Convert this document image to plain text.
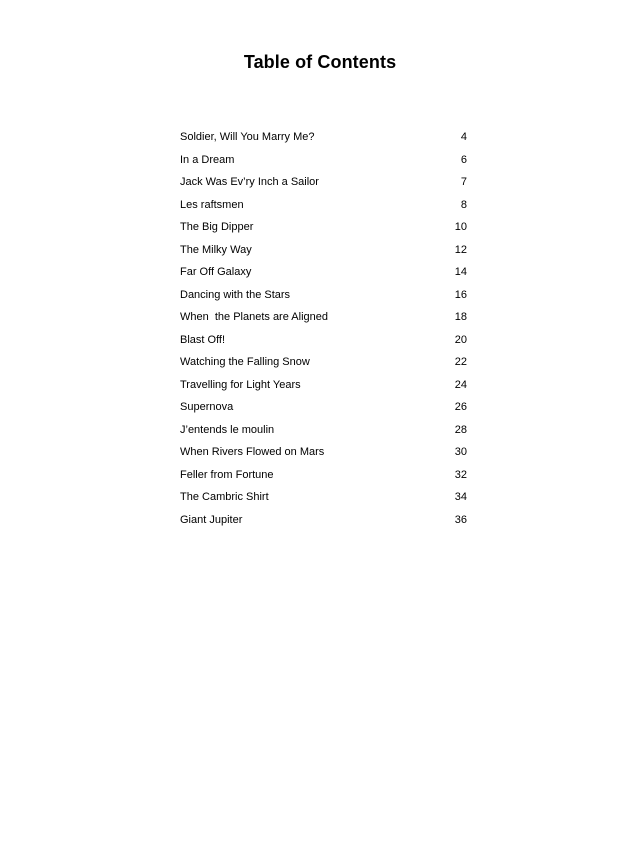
Table of Contents
Soldier, Will You Marry Me?	4
In a Dream	6
Jack Was Ev’ry Inch a Sailor	7
Les raftsmen	8
The Big Dipper	10
The Milky Way	12
Far Off Galaxy	14
Dancing with the Stars	16
When  the Planets are Aligned	18
Blast Off!	20
Watching the Falling Snow	22
Travelling for Light Years	24
Supernova	26
J’entends le moulin	28
When Rivers Flowed on Mars	30
Feller from Fortune	32
The Cambric Shirt	34
Giant Jupiter	36
